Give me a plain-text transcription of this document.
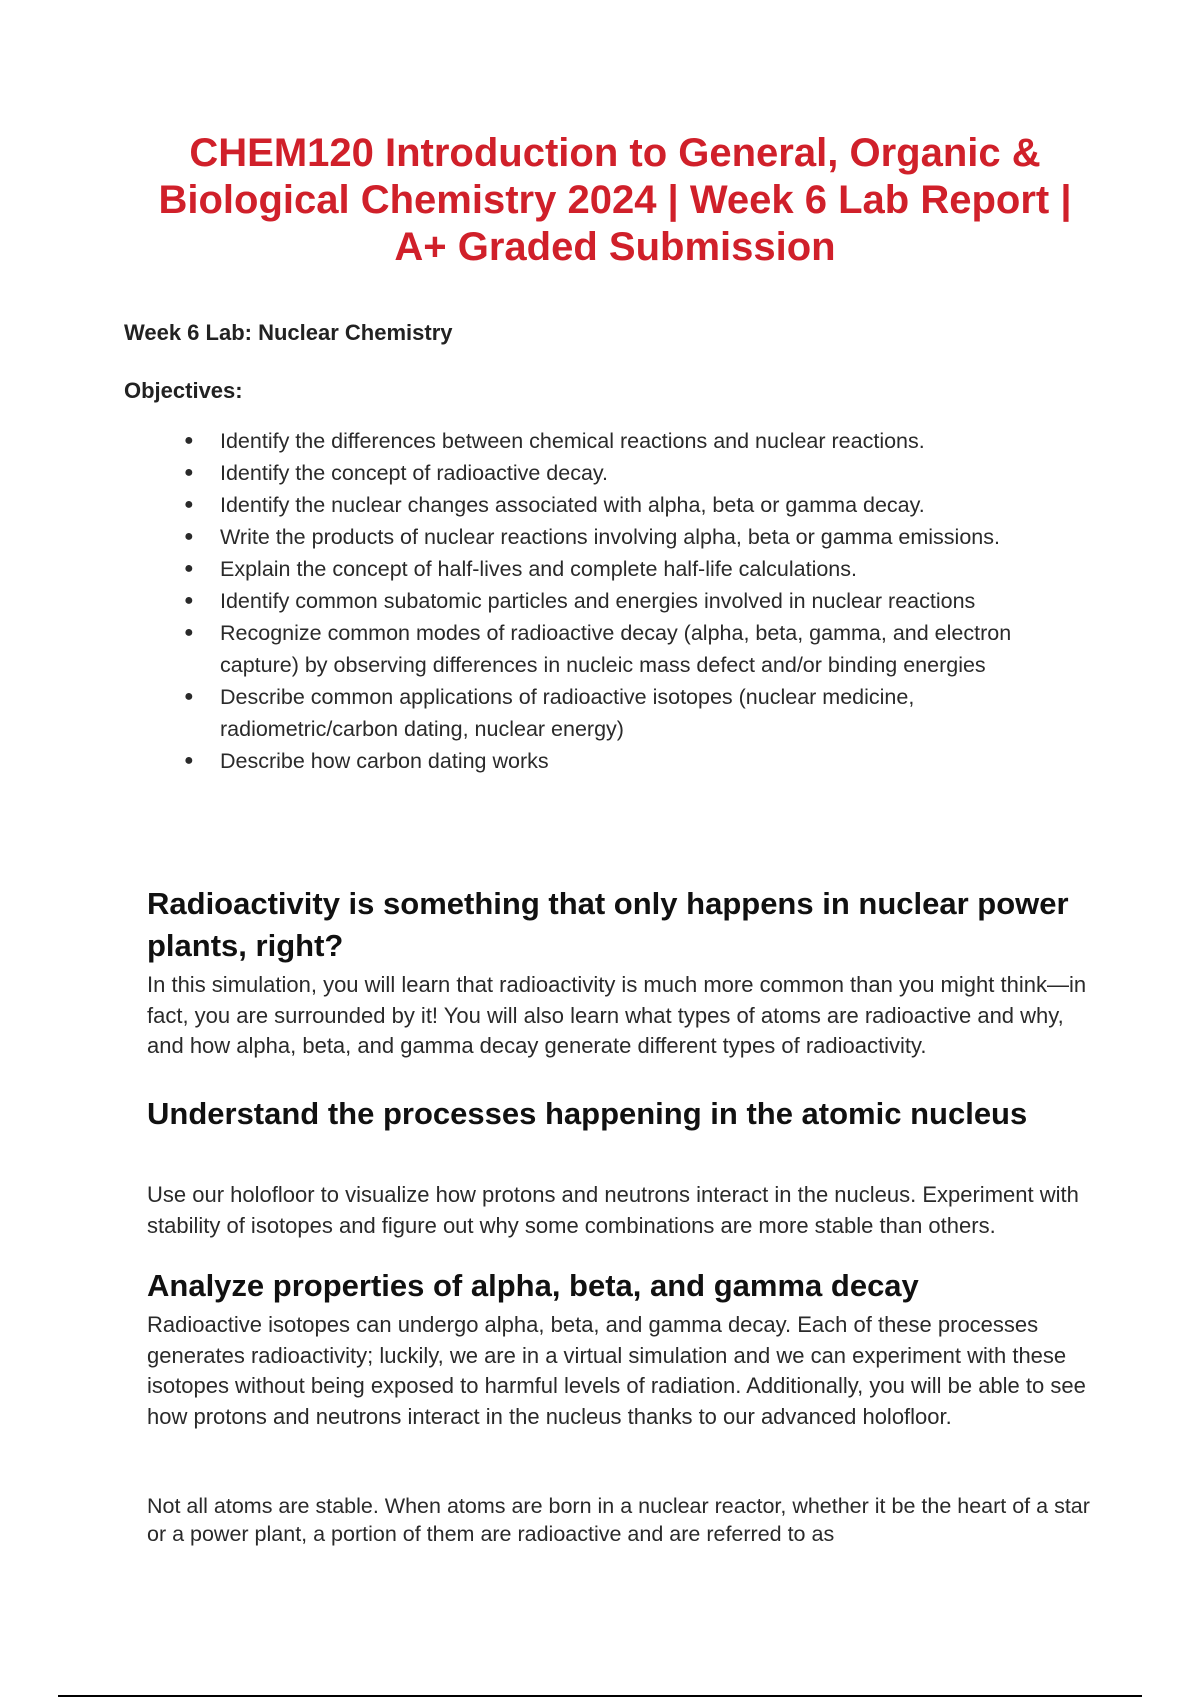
CHEM120 Introduction to General, Organic &
Biological Chemistry 2024 | Week 6 Lab Report |
A+ Graded Submission

Week 6 Lab: Nuclear Chemistry

Objectives:

● Identify the differences between chemical reactions and nuclear reactions.
● Identify the concept of radioactive decay.
● Identify the nuclear changes associated with alpha, beta or gamma decay.
● Write the products of nuclear reactions involving alpha, beta or gamma emissions.
● Explain the concept of half-lives and complete half-life calculations.
● Identify common subatomic particles and energies involved in nuclear reactions
● Recognize common modes of radioactive decay (alpha, beta, gamma, and electron capture) by observing differences in nucleic mass defect and/or binding energies
● Describe common applications of radioactive isotopes (nuclear medicine, radiometric/carbon dating, nuclear energy)
● Describe how carbon dating works
Radioactivity is something that only happens in nuclear power plants, right?

In this simulation, you will learn that radioactivity is much more common than you might think—in fact, you are surrounded by it! You will also learn what types of atoms are radioactive and why, and how alpha, beta, and gamma decay generate different types of radioactivity.

Understand the processes happening in the atomic nucleus

Use our holofloor to visualize how protons and neutrons interact in the nucleus. Experiment with stability of isotopes and figure out why some combinations are more stable than others.

Analyze properties of alpha, beta, and gamma decay

Radioactive isotopes can undergo alpha, beta, and gamma decay. Each of these processes generates radioactivity; luckily, we are in a virtual simulation and we can experiment with these isotopes without being exposed to harmful levels of radiation. Additionally, you will be able to see how protons and neutrons interact in the nucleus thanks to our advanced holofloor.

Not all atoms are stable. When atoms are born in a nuclear reactor, whether it be the heart of a star or a power plant, a portion of them are radioactive and are referred to as
